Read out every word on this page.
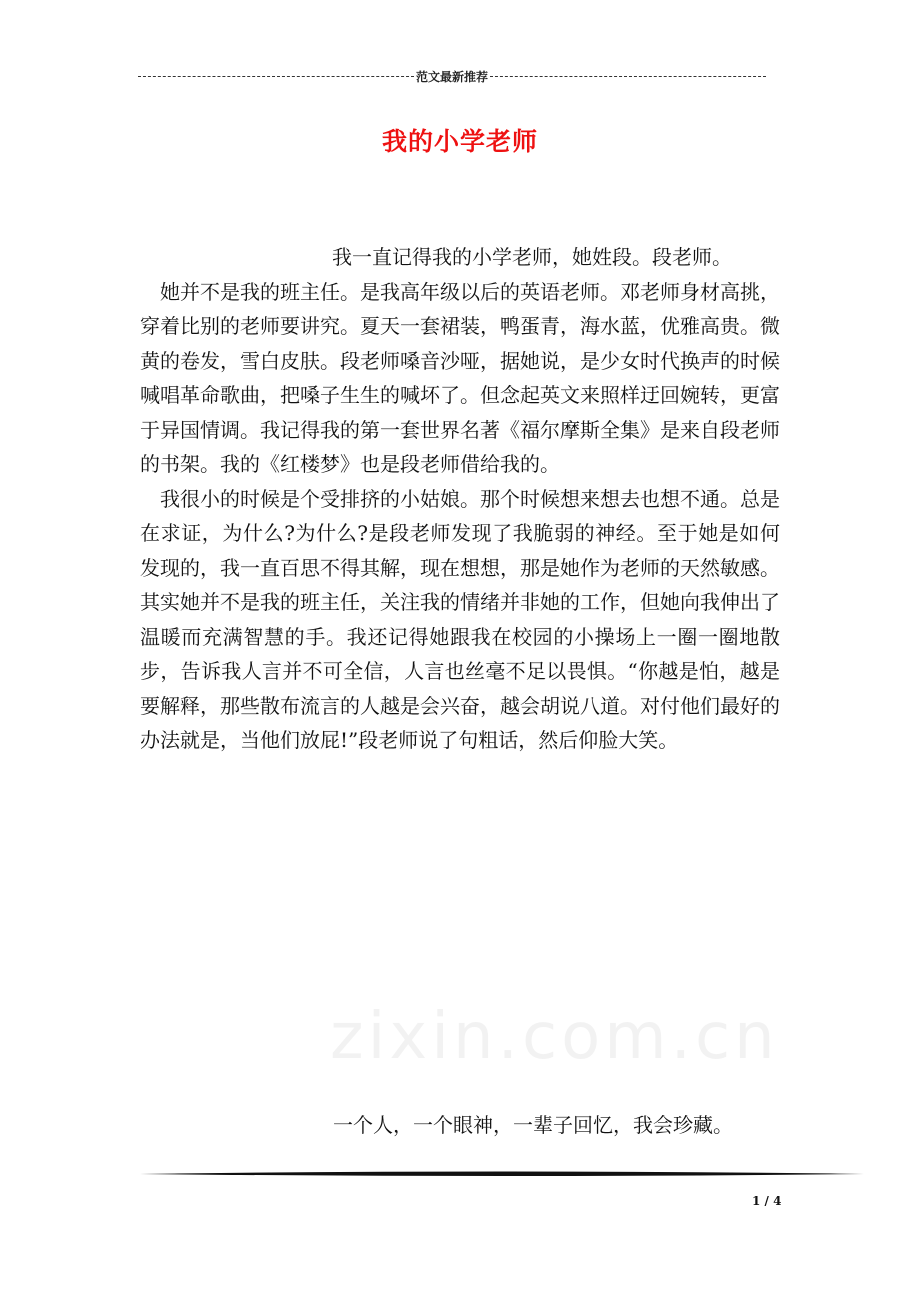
范文最新推荐
我的小学老师
zixin.com.cn

我一直记得我的小学老师，她姓段。段老师。

她并不是我的班主任。是我高年级以后的英语老师。邓老师身材高挑，穿着比别的老师要讲究。夏天一套裙装，鸭蛋青，海水蓝，优雅高贵。微黄的卷发，雪白皮肤。段老师嗓音沙哑，据她说，是少女时代换声的时候喊唱革命歌曲，把嗓子生生的喊坏了。但念起英文来照样迂回婉转，更富于异国情调。我记得我的第一套世界名著《福尔摩斯全集》是来自段老师的书架。我的《红楼梦》也是段老师借给我的。

我很小的时候是个受排挤的小姑娘。那个时候想来想去也想不通。总是在求证，为什么?为什么?是段老师发现了我脆弱的神经。至于她是如何发现的，我一直百思不得其解，现在想想，那是她作为老师的天然敏感。其实她并不是我的班主任，关注我的情绪并非她的工作，但她向我伸出了温暖而充满智慧的手。我还记得她跟我在校园的小操场上一圈一圈地散步，告诉我人言并不可全信，人言也丝毫不足以畏惧。“你越是怕，越是要解释，那些散布流言的人越是会兴奋，越会胡说八道。对付他们最好的办法就是，当他们放屁!”段老师说了句粗话，然后仰脸大笑。

一个人，一个眼神，一辈子回忆，我会珍藏。
1 / 4
